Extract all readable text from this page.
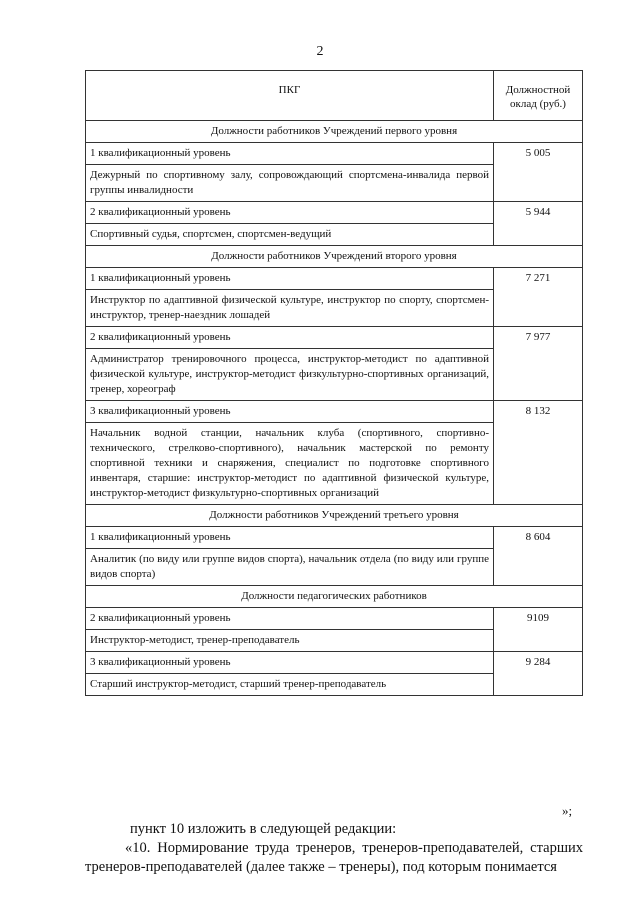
2
ПКГ	Должностной оклад (руб.)
Должности работников Учреждений первого уровня	
1 квалификационный уровень	5 005
Дежурный по спортивному залу, сопровождающий спортсмена-инвалида первой группы инвалидности	
2 квалификационный уровень	5 944
Спортивный судья, спортсмен, спортсмен-ведущий	
Должности работников Учреждений второго уровня	
1 квалификационный уровень	7 271
Инструктор по адаптивной физической культуре, инструктор по спорту, спортсмен-инструктор, тренер-наездник лошадей	
2 квалификационный уровень	7 977
Администратор тренировочного процесса, инструктор-методист по адаптивной физической культуре, инструктор-методист физкультурно-спортивных организаций, тренер, хореограф	
3 квалификационный уровень	8 132
Начальник водной станции, начальник клуба (спортивного, спортивно-технического, стрелково-спортивного), начальник мастерской по ремонту спортивной техники и снаряжения, специалист по подготовке спортивного инвентаря, старшие: инструктор-методист по адаптивной физической культуре, инструктор-методист физкультурно-спортивных организаций	
Должности работников Учреждений третьего уровня	
1 квалификационный уровень	8 604
Аналитик (по виду или группе видов спорта), начальник отдела (по виду или группе видов спорта)	
Должности педагогических работников	
2 квалификационный уровень	9109
Инструктор-методист, тренер-преподаватель	
3 квалификационный уровень	9 284
Старший инструктор-методист, старший тренер-преподаватель	
»;
пункт 10 изложить в следующей редакции:
«10. Нормирование труда тренеров, тренеров-преподавателей, старших тренеров-преподавателей (далее также – тренеры), под которым понимается
